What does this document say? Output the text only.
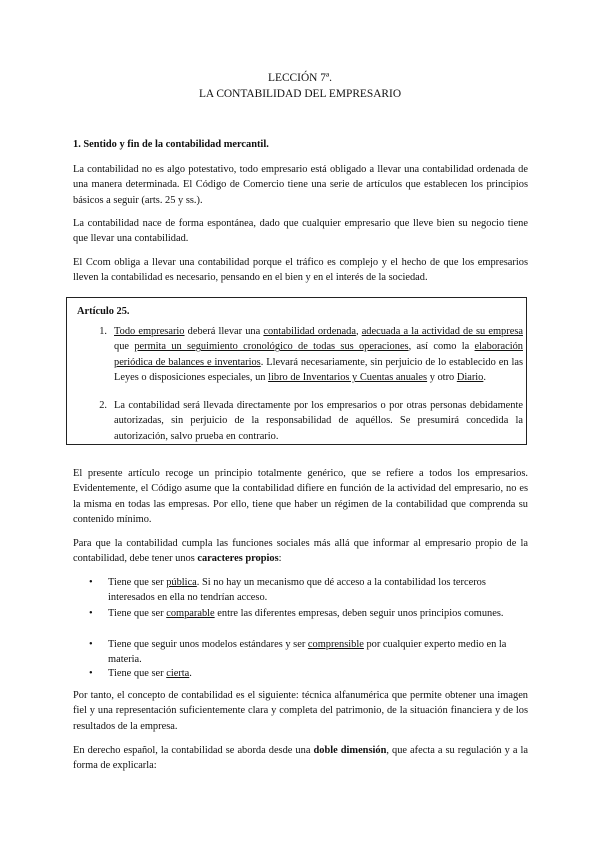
LECCIÓN 7ª.
LA CONTABILIDAD DEL EMPRESARIO

1. Sentido y fin de la contabilidad mercantil.

La contabilidad no es algo potestativo, todo empresario está obligado a llevar una contabilidad ordenada de una manera determinada. El Código de Comercio tiene una serie de artículos que establecen los principios básicos a seguir (arts. 25 y ss.).

La contabilidad nace de forma espontánea, dado que cualquier empresario que lleve bien su negocio tiene que llevar una contabilidad.

El Ccom obliga a llevar una contabilidad porque el tráfico es complejo y el hecho de que los empresarios lleven la contabilidad es necesario, pensando en el bien y en el interés de la sociedad.

Artículo 25.
1. Todo empresario deberá llevar una contabilidad ordenada, adecuada a la actividad de su empresa que permita un seguimiento cronológico de todas sus operaciones, así como la elaboración periódica de balances e inventarios. Llevará necesariamente, sin perjuicio de lo establecido en las Leyes o disposiciones especiales, un libro de Inventarios y Cuentas anuales y otro Diario.
2. La contabilidad será llevada directamente por los empresarios o por otras personas debidamente autorizadas, sin perjuicio de la responsabilidad de aquéllos. Se presumirá concedida la autorización, salvo prueba en contrario.

El presente artículo recoge un principio totalmente genérico, que se refiere a todos los empresarios. Evidentemente, el Código asume que la contabilidad difiere en función de la actividad del empresario, no es la misma en todas las empresas. Por ello, tiene que haber un régimen de la contabilidad que comprenda su contenido mínimo.

Para que la contabilidad cumpla las funciones sociales más allá que informar al empresario propio de la contabilidad, debe tener unos caracteres propios:

• Tiene que ser pública. Si no hay un mecanismo que dé acceso a la contabilidad los terceros interesados en ella no tendrían acceso.
• Tiene que ser comparable entre las diferentes empresas, deben seguir unos principios comunes.
• Tiene que seguir unos modelos estándares y ser comprensible por cualquier experto medio en la materia.
• Tiene que ser cierta.

Por tanto, el concepto de contabilidad es el siguiente: técnica alfanumérica que permite obtener una imagen fiel y una representación suficientemente clara y completa del patrimonio, de la situación financiera y de los resultados de la empresa.

En derecho español, la contabilidad se aborda desde una doble dimensión, que afecta a su regulación y a la forma de explicarla:
